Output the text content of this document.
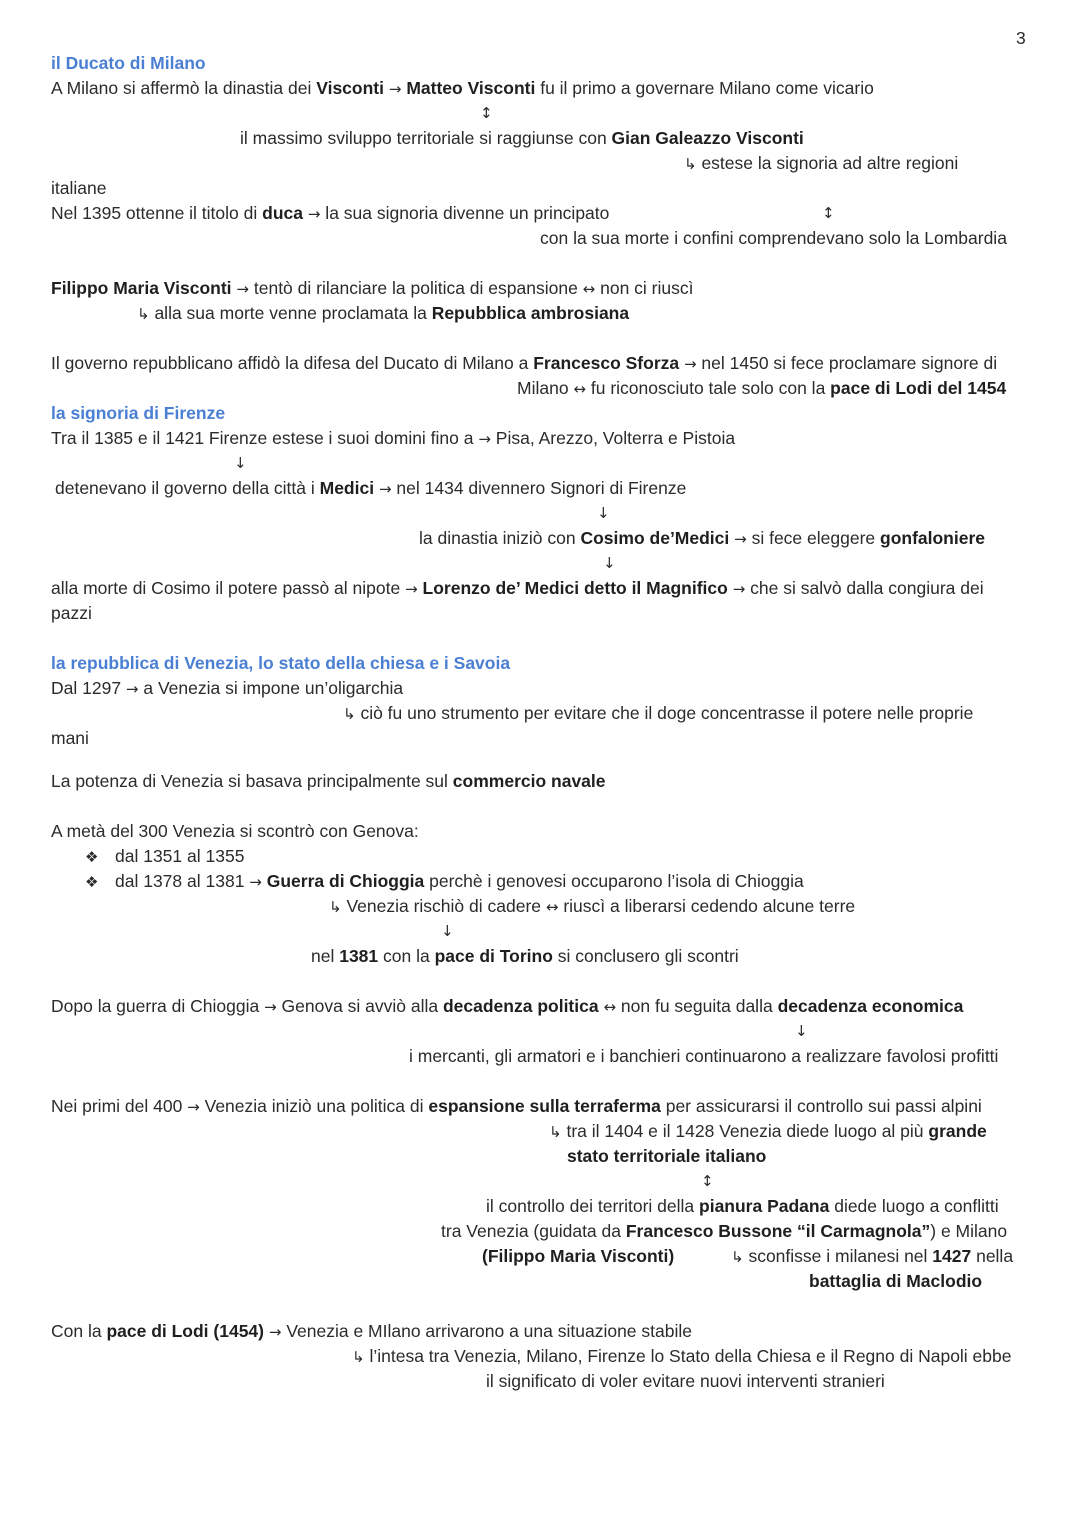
3
il Ducato di Milano
A Milano si affermò la dinastia dei Visconti → Matteo Visconti fu il primo a governare Milano come vicario
↕
il massimo sviluppo territoriale si raggiunse con Gian Galeazzo Visconti
↳ estese la signoria ad altre regioni
italiane
Nel 1395 ottenne il titolo di duca → la sua signoria divenne un principato	↕
con la sua morte i confini comprendevano solo la Lombardia
Filippo Maria Visconti → tentò di rilanciare la politica di espansione ↔ non ci riuscì
↳ alla sua morte venne proclamata la Repubblica ambrosiana
Il governo repubblicano affidò la difesa del Ducato di Milano a Francesco Sforza → nel 1450 si fece proclamare signore di
Milano ↔ fu riconosciuto tale solo con la pace di Lodi del 1454
la signoria di Firenze
Tra il 1385 e il 1421 Firenze estese i suoi domini fino a → Pisa, Arezzo, Volterra e Pistoia
↓
detenevano il governo della città i Medici → nel 1434 divennero Signori di Firenze
↓
la dinastia iniziò con Cosimo de’Medici → si fece eleggere gonfaloniere
↓
alla morte di Cosimo il potere passò al nipote → Lorenzo de’ Medici detto il Magnifico → che si salvò dalla congiura dei
pazzi
la repubblica di Venezia, lo stato della chiesa e i Savoia
Dal 1297 → a Venezia si impone un’oligarchia
↳ ciò fu uno strumento per evitare che il doge concentrasse il potere nelle proprie
mani
La potenza di Venezia si basava principalmente sul commercio navale
A metà del 300 Venezia si scontrò con Genova:
❖ dal 1351 al 1355
❖ dal 1378 al 1381 → Guerra di Chioggia perchè i genovesi occuparono l’isola di Chioggia
↳ Venezia rischiò di cadere ↔ riuscì a liberarsi cedendo alcune terre
↓
nel 1381 con la pace di Torino si conclusero gli scontri
Dopo la guerra di Chioggia → Genova si avviò alla decadenza politica ↔ non fu seguita dalla decadenza economica
↓
i mercanti, gli armatori e i banchieri continuarono a realizzare favolosi profitti
Nei primi del 400 → Venezia iniziò una politica di espansione sulla terraferma per assicurarsi il controllo sui passi alpini
↳ tra il 1404 e il 1428 Venezia diede luogo al più grande
stato territoriale italiano
↕
il controllo dei territori della pianura Padana diede luogo a conflitti
tra Venezia (guidata da Francesco Bussone “il Carmagnola”) e Milano
(Filippo Maria Visconti)	↳ sconfisse i milanesi nel 1427 nella
battaglia di Maclodio
Con la pace di Lodi (1454) → Venezia e MIlano arrivarono a una situazione stabile
↳ l’intesa tra Venezia, Milano, Firenze lo Stato della Chiesa e il Regno di Napoli ebbe
il significato di voler evitare nuovi interventi stranieri
